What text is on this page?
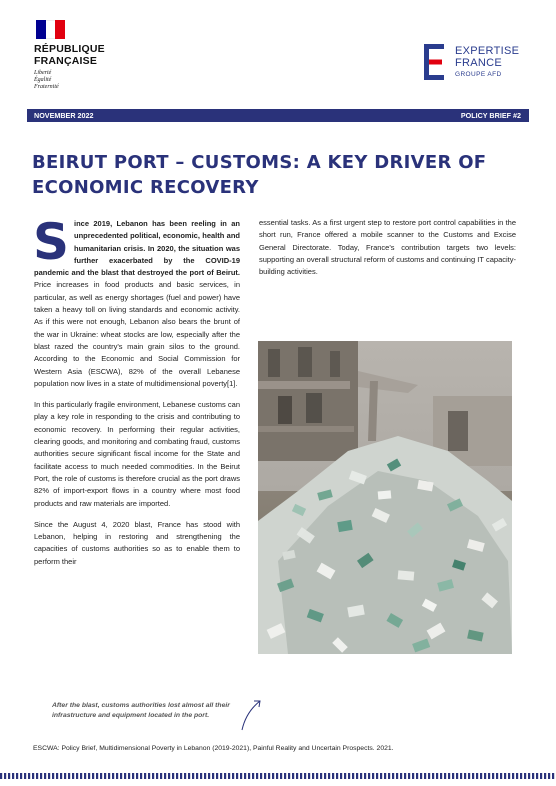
RÉPUBLIQUE
FRANÇAISE
Liberté
Égalité
Fraternité
EXPERTISE
FRANCE
GROUPE AFD
NOVEMBER 2022	POLICY BRIEF #2
BEIRUT PORT – CUSTOMS: A KEY DRIVER OF
ECONOMIC RECOVERY

Since 2019, Lebanon has been reeling in an unprecedented political, economic, health and humanitarian crisis. In 2020, the situation was further exacerbated by the COVID-19 pandemic and the blast that destroyed the port of Beirut. Price increases in food products and basic services, in particular, as well as energy shortages (fuel and power) have taken a heavy toll on living standards and economic activity. As if this were not enough, Lebanon also bears the brunt of the war in Ukraine: wheat stocks are low, especially after the blast razed the country's main grain silos to the ground. According to the Economic and Social Commission for Western Asia (ESCWA), 82% of the overall Lebanese population now lives in a state of multidimensional poverty[1].

In this particularly fragile environment, Lebanese customs can play a key role in responding to the crisis and contributing to economic recovery. In performing their regular activities, clearing goods, and monitoring and combating fraud, customs authorities secure significant fiscal income for the State and facilitate access to much needed commodities. In the Beirut Port, the role of customs is therefore crucial as the port draws 82% of import-export flows in a country where most food products and raw materials are imported.

Since the August 4, 2020 blast, France has stood with Lebanon, helping in restoring and strengthening the capacities of customs authorities so as to enable them to perform their

essential tasks. As a first urgent step to restore port control capabilities in the short run, France offered a mobile scanner to the Customs and Excise General Directorate. Today, France's contribution targets two levels: supporting an overall structural reform of customs and continuing IT capacity-building activities.

After the blast, customs authorities lost almost all their infrastructure and equipment located in the port.
ESCWA: Policy Brief, Multidimensional Poverty in Lebanon (2019-2021), Painful Reality and Uncertain Prospects. 2021.
